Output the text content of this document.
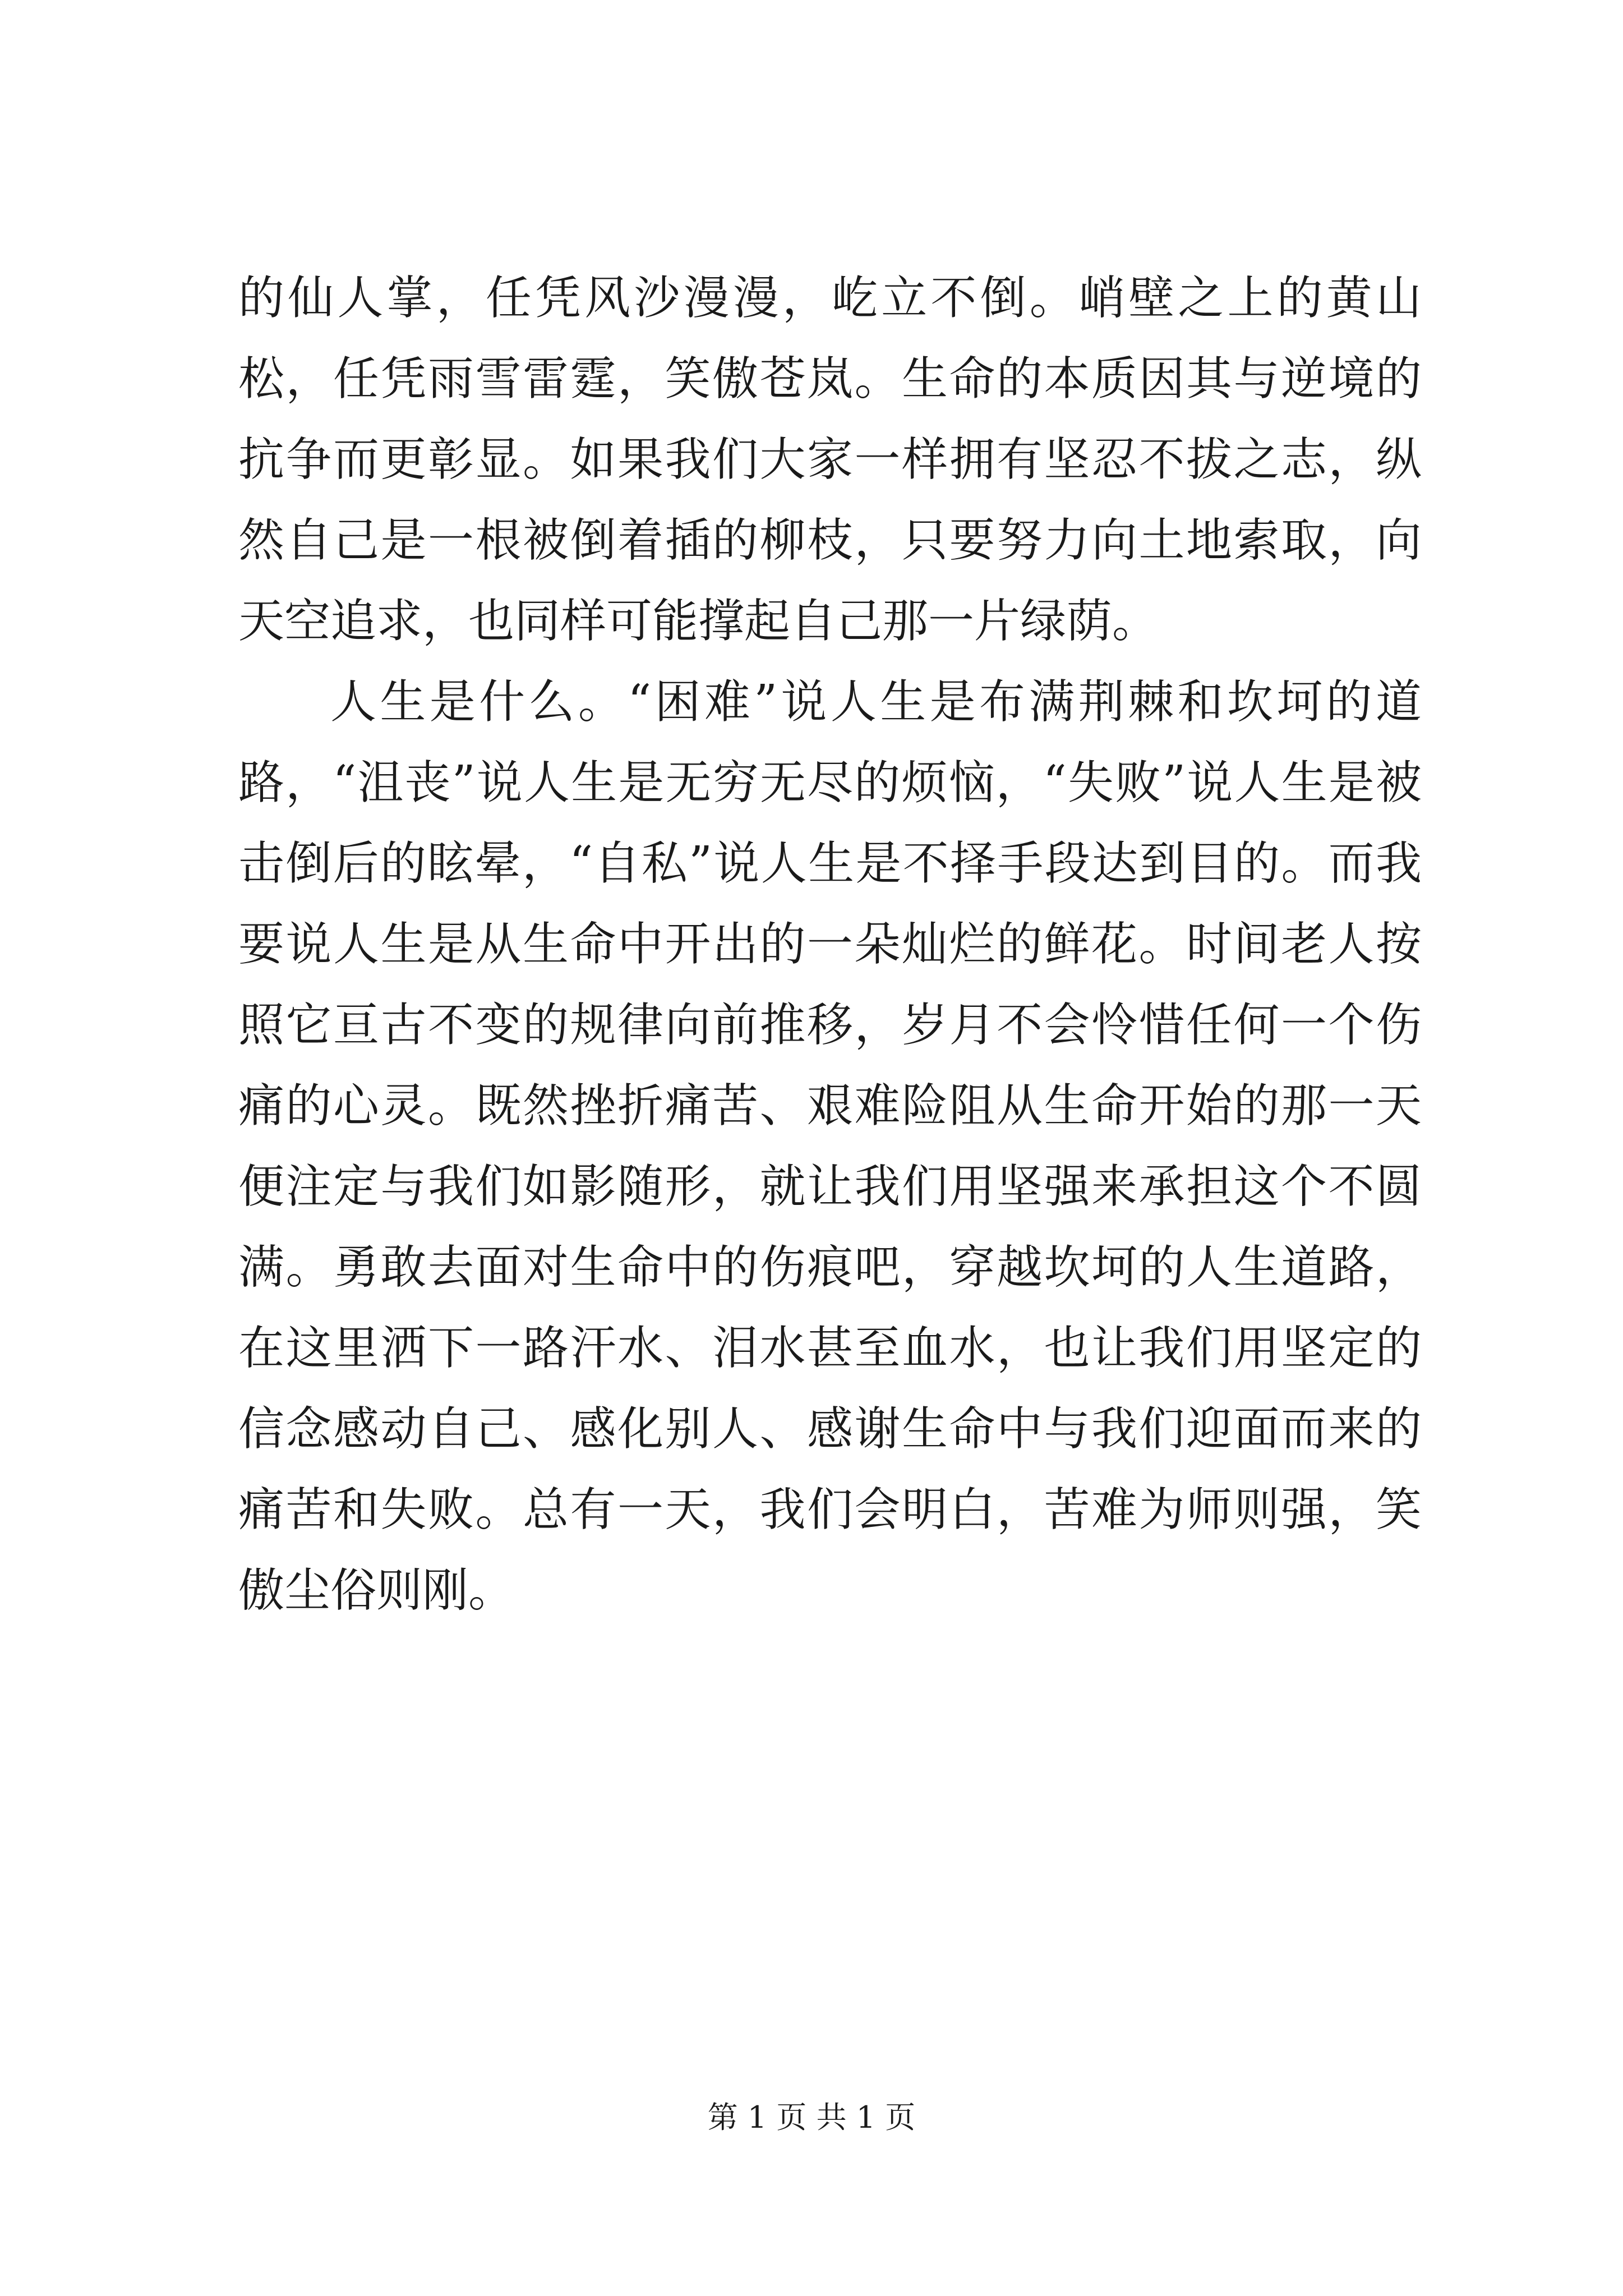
的仙人掌，任凭风沙漫漫，屹立不倒。峭壁之上的黄山松，任凭雨雪雷霆，笑傲苍岚。生命的本质因其与逆境的抗争而更彰显。如果我们大家一样拥有坚忍不拔之志，纵然自己是一根被倒着插的柳枝，只要努力向土地索取，向天空追求，也同样可能撑起自己那一片绿荫。

人生是什么。“困难”说人生是布满荆棘和坎坷的道路，“沮丧”说人生是无穷无尽的烦恼，“失败”说人生是被击倒后的眩晕，“自私”说人生是不择手段达到目的。而我要说人生是从生命中开出的一朵灿烂的鲜花。时间老人按照它亘古不变的规律向前推移，岁月不会怜惜任何一个伤痛的心灵。既然挫折痛苦、艰难险阻从生命开始的那一天便注定与我们如影随形，就让我们用坚强来承担这个不圆满。勇敢去面对生命中的伤痕吧，穿越坎坷的人生道路，在这里洒下一路汗水、泪水甚至血水，也让我们用坚定的信念感动自己、感化别人、感谢生命中与我们迎面而来的痛苦和失败。总有一天，我们会明白，苦难为师则强，笑傲尘俗则刚。

第 1 页 共 1 页
